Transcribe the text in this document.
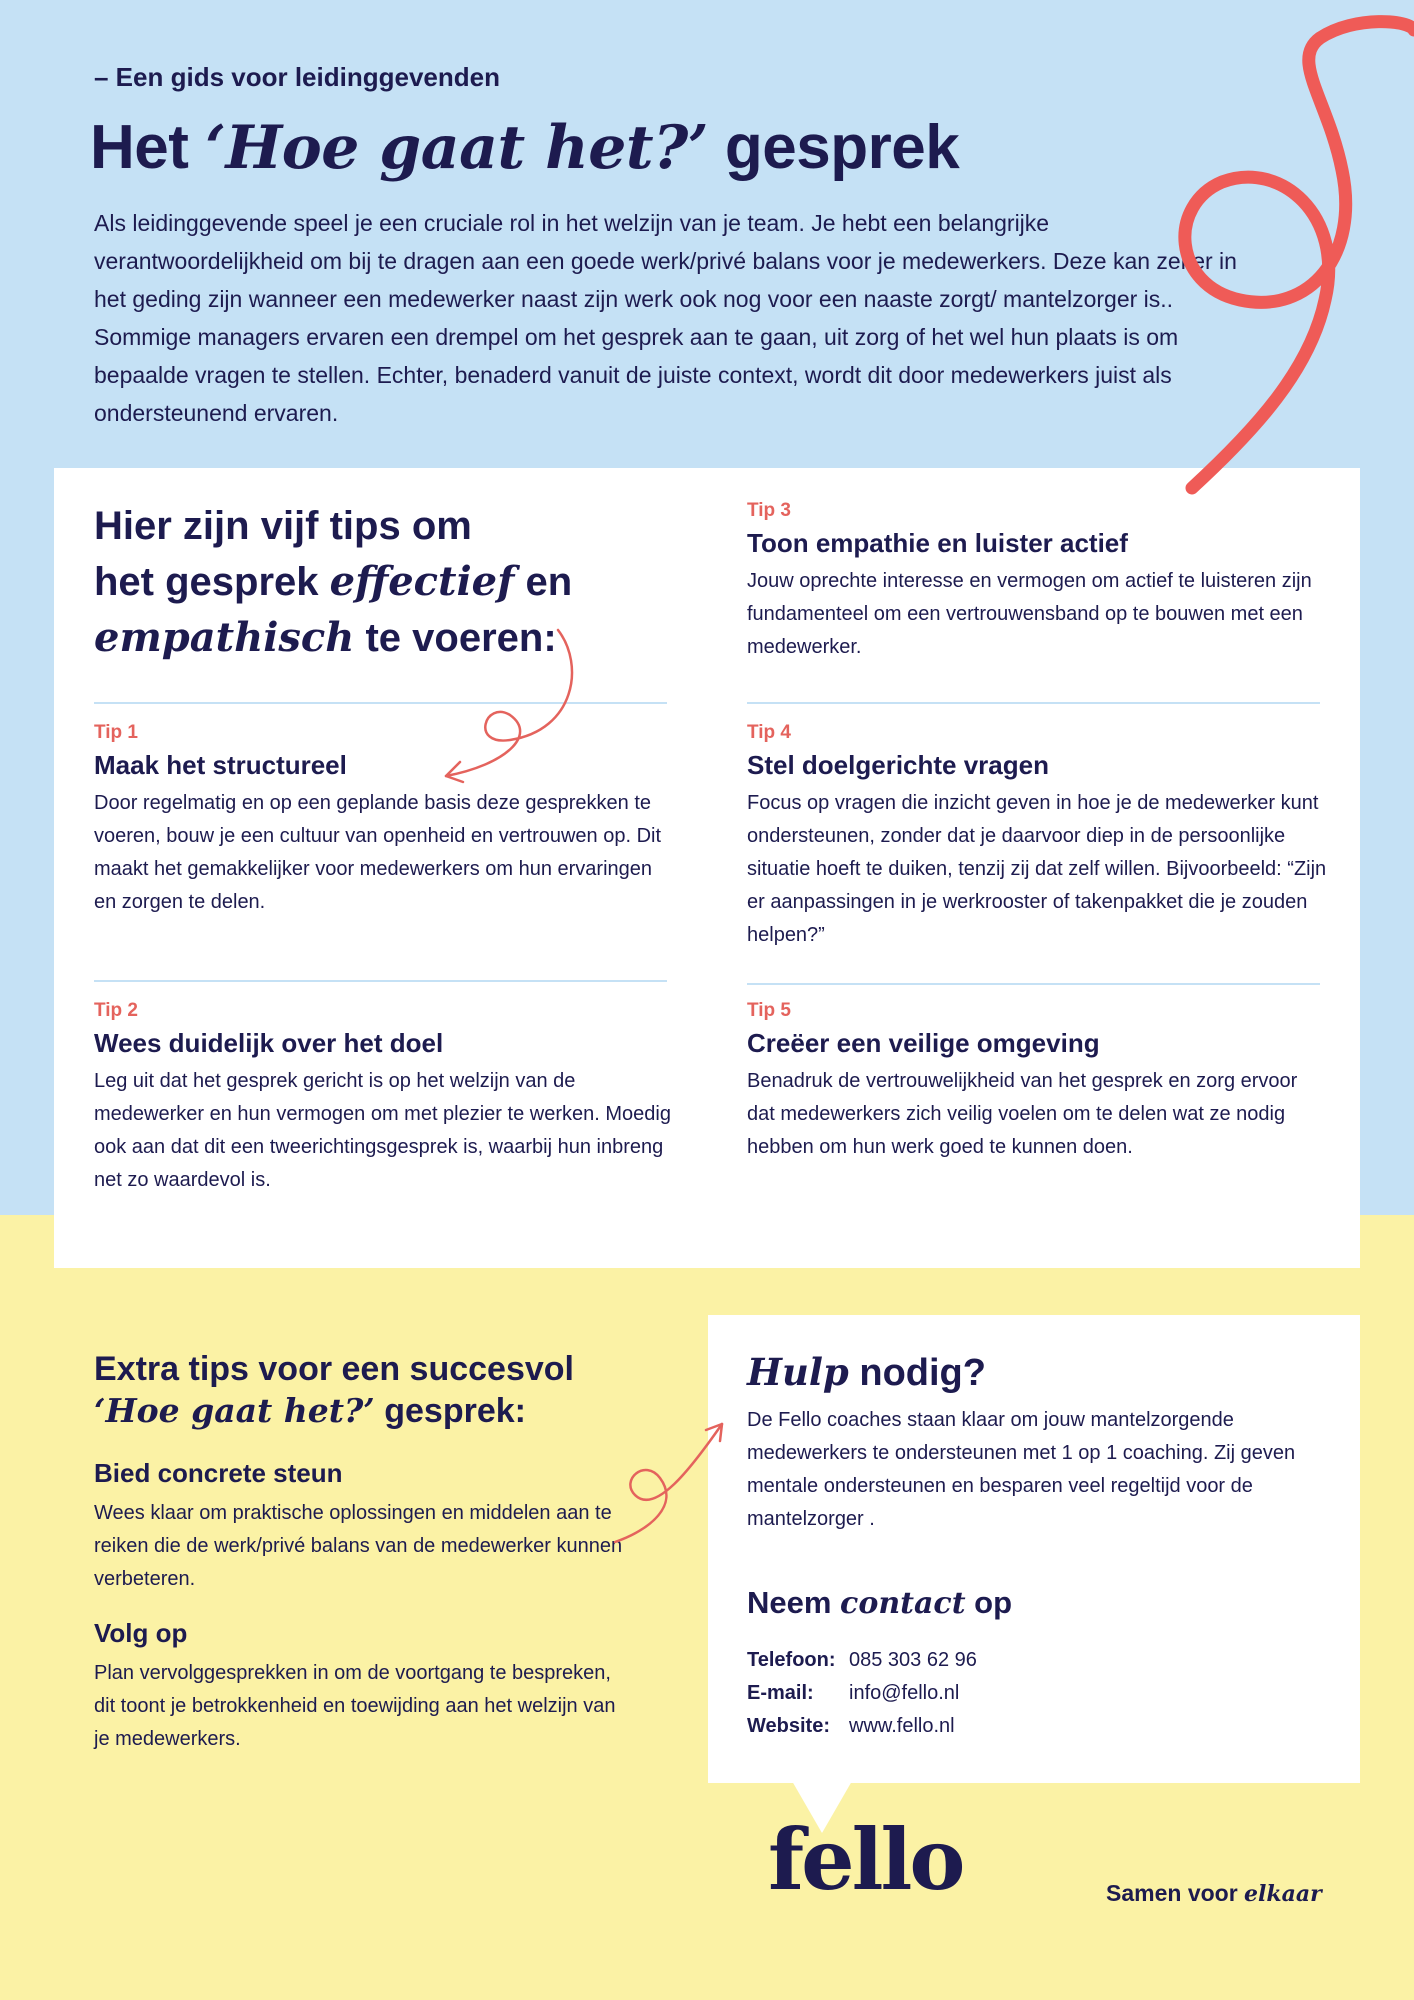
– Een gids voor leidinggevenden
Het ‘Hoe gaat het?’ gesprek

Als leidinggevende speel je een cruciale rol in het welzijn van je team. Je hebt een belangrijke verantwoordelijkheid om bij te dragen aan een goede werk/privé balans voor je medewerkers. Deze kan zeker in het geding zijn wanneer een medewerker naast zijn werk ook nog voor een naaste zorgt/ mantelzorger is.. Sommige managers ervaren een drempel om het gesprek aan te gaan, uit zorg of het wel hun plaats is om bepaalde vragen te stellen. Echter, benaderd vanuit de juiste context, wordt dit door medewerkers juist als ondersteunend ervaren.

Hier zijn vijf tips om
het gesprek effectief en
empathisch te voeren:
Tip 1
Maak het structureel
Door regelmatig en op een geplande basis deze gesprekken te voeren, bouw je een cultuur van openheid en vertrouwen op. Dit maakt het gemakkelijker voor medewerkers om hun ervaringen en zorgen te delen.
Tip 2
Wees duidelijk over het doel
Leg uit dat het gesprek gericht is op het welzijn van de medewerker en hun vermogen om met plezier te werken. Moedig ook aan dat dit een tweerichtingsgesprek is, waarbij hun inbreng net zo waardevol is.
Tip 3
Toon empathie en luister actief
Jouw oprechte interesse en vermogen om actief te luisteren zijn fundamenteel om een vertrouwensband op te bouwen met een medewerker.
Tip 4
Stel doelgerichte vragen
Focus op vragen die inzicht geven in hoe je de medewerker kunt ondersteunen, zonder dat je daarvoor diep in de persoonlijke situatie hoeft te duiken, tenzij zij dat zelf willen. Bijvoorbeeld: “Zijn er aanpassingen in je werkrooster of takenpakket die je zouden helpen?”
Tip 5
Creëer een veilige omgeving
Benadruk de vertrouwelijkheid van het gesprek en zorg ervoor dat medewerkers zich veilig voelen om te delen wat ze nodig hebben om hun werk goed te kunnen doen.
Extra tips voor een succesvol
‘Hoe gaat het?’ gesprek:
Bied concrete steun
Wees klaar om praktische oplossingen en middelen aan te reiken die de werk/privé balans van de medewerker kunnen verbeteren.
Volg op
Plan vervolggesprekken in om de voortgang te bespreken, dit toont je betrokkenheid en toewijding aan het welzijn van je medewerkers.
Hulp nodig?

De Fello coaches staan klaar om jouw mantelzorgende medewerkers te ondersteunen met 1 op 1 coaching. Zij geven mentale ondersteunen en besparen veel regeltijd voor de mantelzorger .

Neem contact op
Telefoon: 085 303 62 96
E-mail:	info@fello.nl
Website: www.fello.nl
fello	Samen voor elkaar
